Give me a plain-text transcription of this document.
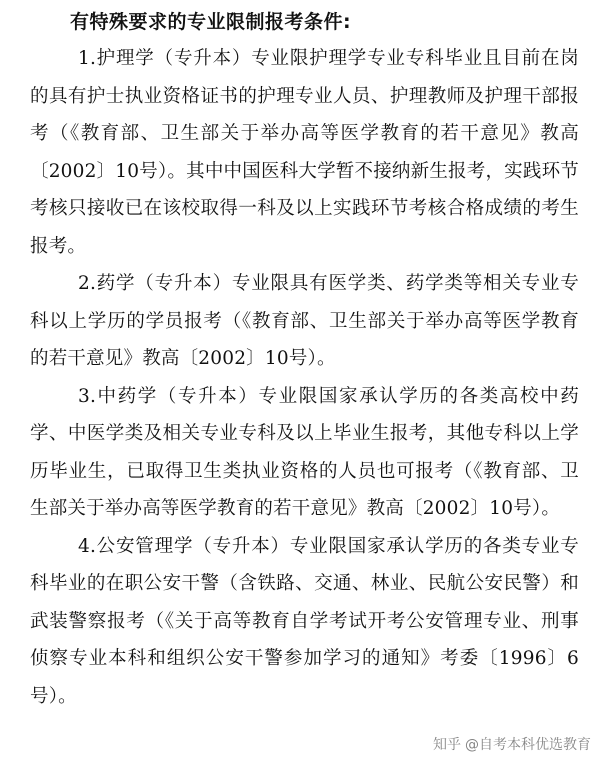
有特殊要求的专业限制报考条件:

1.护理学（专升本）专业限护理学专业专科毕业且目前在岗的具有护士执业资格证书的护理专业人员、护理教师及护理干部报考（《教育部、卫生部关于举办高等医学教育的若干意见》教高〔2002〕10号）。其中中国医科大学暂不接纳新生报考，实践环节考核只接收已在该校取得一科及以上实践环节考核合格成绩的考生报考。

2.药学（专升本）专业限具有医学类、药学类等相关专业专科以上学历的学员报考（《教育部、卫生部关于举办高等医学教育的若干意见》教高〔2002〕10号）。

3.中药学（专升本）专业限国家承认学历的各类高校中药学、中医学类及相关专业专科及以上毕业生报考，其他专科以上学历毕业生，已取得卫生类执业资格的人员也可报考（《教育部、卫生部关于举办高等医学教育的若干意见》教高〔2002〕10号）。

4.公安管理学（专升本）专业限国家承认学历的各类专业专科毕业的在职公安干警（含铁路、交通、林业、民航公安民警）和武装警察报考（《关于高等教育自学考试开考公安管理专业、刑事侦察专业本科和组织公安干警参加学习的通知》考委〔1996〕6号）。

知乎 @自考本科优选教育
